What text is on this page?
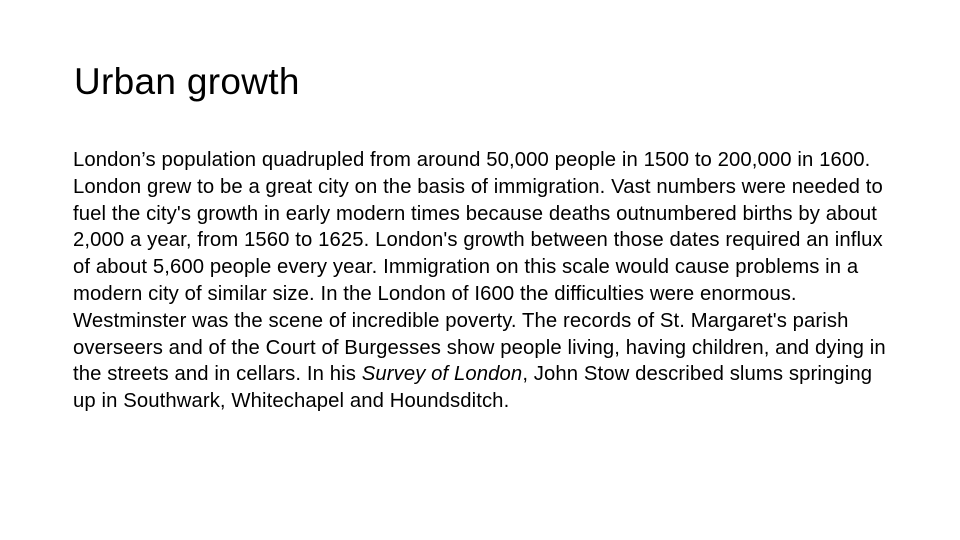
Urban growth

London’s population quadrupled from around 50,000 people in 1500 to 200,000 in 1600.

London grew to be a great city on the basis of immigration. Vast numbers were needed to fuel the city's growth in early modern times because deaths outnumbered births by about 2,000 a year, from 1560 to 1625. London's growth between those dates required an influx of about 5,600 people every year. Immigration on this scale would cause problems in a modern city of similar size. In the London of I600 the difficulties were enormous. Westminster was the scene of incredible poverty. The records of St. Margaret's parish overseers and of the Court of Burgesses show people living, having children, and dying in the streets and in cellars. In his Survey of London, John Stow described slums springing up in Southwark, Whitechapel and Houndsditch.
